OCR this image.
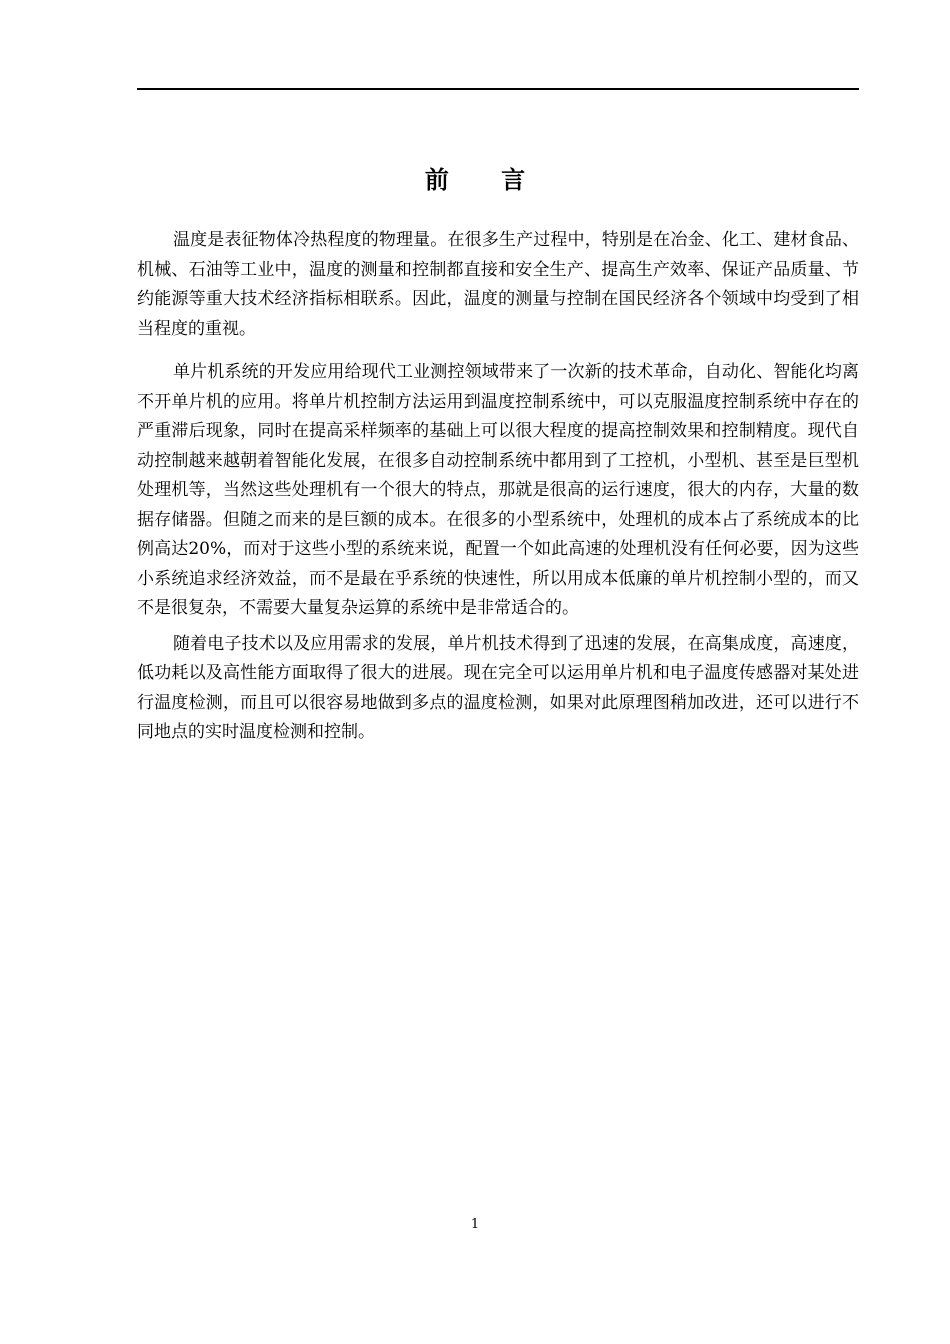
前 言

温度是表征物体冷热程度的物理量。在很多生产过程中，特别是在冶金、化工、建材食品、机械、石油等工业中，温度的测量和控制都直接和安全生产、提高生产效率、保证产品质量、节约能源等重大技术经济指标相联系。因此，温度的测量与控制在国民经济各个领域中均受到了相当程度的重视。

单片机系统的开发应用给现代工业测控领域带来了一次新的技术革命，自动化、智能化均离不开单片机的应用。将单片机控制方法运用到温度控制系统中，可以克服温度控制系统中存在的严重滞后现象，同时在提高采样频率的基础上可以很大程度的提高控制效果和控制精度。现代自动控制越来越朝着智能化发展，在很多自动控制系统中都用到了工控机，小型机、甚至是巨型机处理机等，当然这些处理机有一个很大的特点，那就是很高的运行速度，很大的内存，大量的数据存储器。但随之而来的是巨额的成本。在很多的小型系统中，处理机的成本占了系统成本的比例高达20%，而对于这些小型的系统来说，配置一个如此高速的处理机没有任何必要，因为这些小系统追求经济效益，而不是最在乎系统的快速性，所以用成本低廉的单片机控制小型的，而又不是很复杂，不需要大量复杂运算的系统中是非常适合的。

随着电子技术以及应用需求的发展，单片机技术得到了迅速的发展，在高集成度，高速度，低功耗以及高性能方面取得了很大的进展。现在完全可以运用单片机和电子温度传感器对某处进行温度检测，而且可以很容易地做到多点的温度检测，如果对此原理图稍加改进，还可以进行不同地点的实时温度检测和控制。

1
